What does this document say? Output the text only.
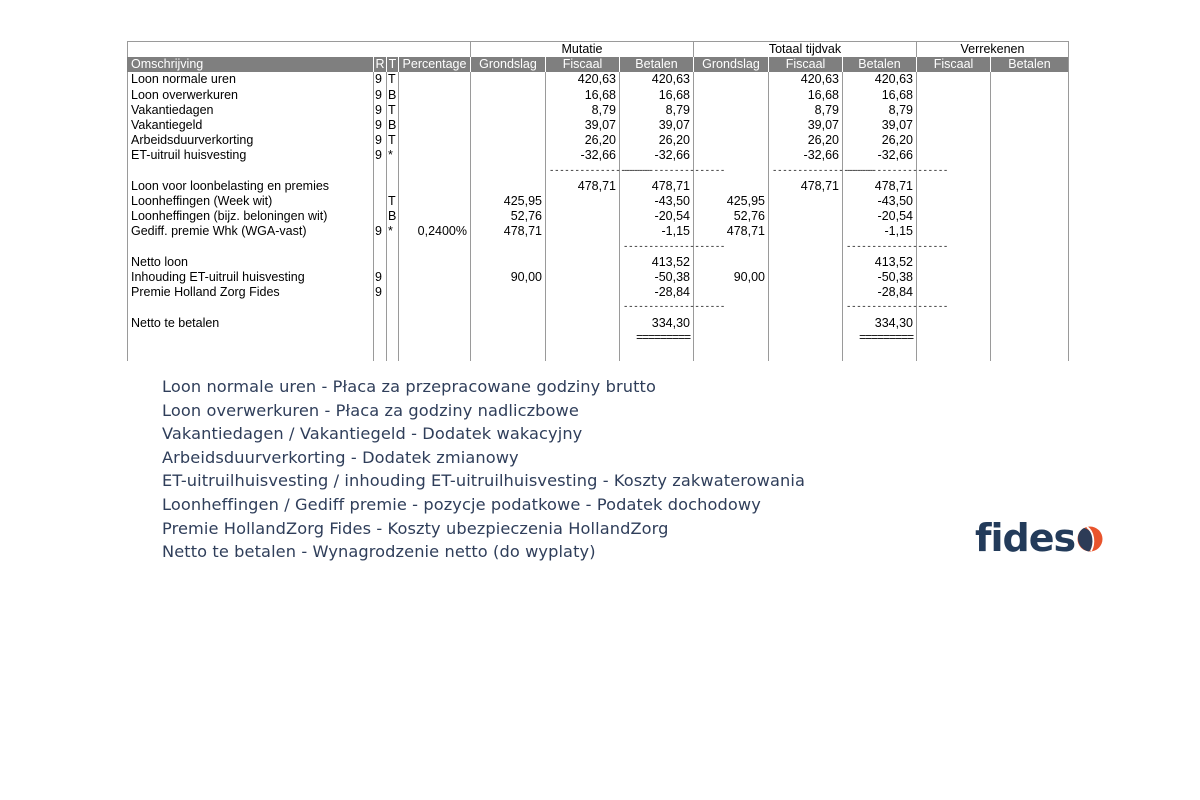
				Mutatie			Totaal tijdvak			Verrekenen	
Omschrijving	R	T	Percentage	Grondslag	Fiscaal	Betalen	Grondslag	Fiscaal	Betalen	Fiscaal	Betalen
Loon normale uren	9	T			420,63	420,63		420,63	420,63		
Loon overwerkuren	9	B			16,68	16,68		16,68	16,68		
Vakantiedagen	9	T			8,79	8,79		8,79	8,79		
Vakantiegeld	9	B			39,07	39,07		39,07	39,07		
Arbeidsduurverkorting	9	T			26,20	26,20		26,20	26,20		
ET-uitruil huisvesting	9	*			-32,66	-32,66		-32,66	-32,66		
					--------------------	--------------------		--------------------	--------------------		
Loon voor loonbelasting en premies					478,71	478,71		478,71	478,71		
Loonheffingen (Week wit)		T		425,95		-43,50	425,95		-43,50		
Loonheffingen (bijz. beloningen wit)		B		52,76		-20,54	52,76		-20,54		
Gediff. premie Whk (WGA-vast)	9	*	0,2400%	478,71		-1,15	478,71		-1,15		
						--------------------			--------------------		
Netto loon						413,52			413,52		
Inhouding ET-uitruil huisvesting	9			90,00		-50,38	90,00		-50,38		
Premie Holland Zorg Fides	9					-28,84			-28,84		
						--------------------			--------------------		
Netto te betalen						334,30			334,30		
						=========			=========		

Loon normale uren - Płaca za przepracowane godziny brutto
Loon overwerkuren - Płaca za godziny nadliczbowe
Vakantiedagen / Vakantiegeld - Dodatek wakacyjny
Arbeidsduurverkorting - Dodatek zmianowy
ET-uitruilhuisvesting / inhouding ET-uitruilhuisvesting - Koszty zakwaterowania
Loonheffingen / Gediff premie - pozycje podatkowe - Podatek dochodowy
Premie HollandZorg Fides - Koszty ubezpieczenia HollandZorg
Netto te betalen - Wynagrodzenie netto (do wyplaty)	fides
